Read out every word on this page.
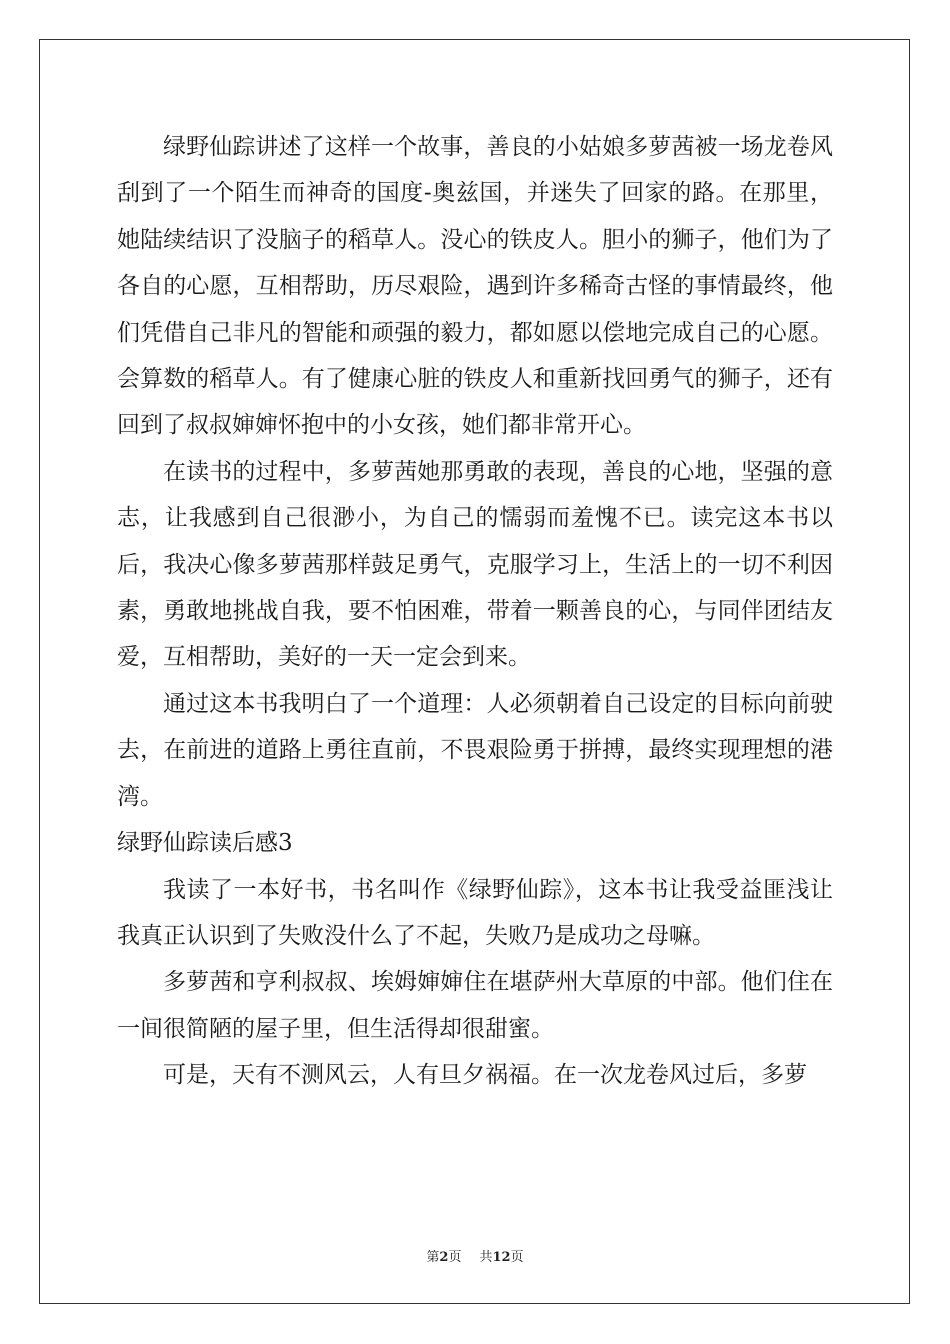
绿野仙踪讲述了这样一个故事，善良的小姑娘多萝茜被一场龙卷风刮到了一个陌生而神奇的国度-奥兹国，并迷失了回家的路。在那里，她陆续结识了没脑子的稻草人。没心的铁皮人。胆小的狮子，他们为了各自的心愿，互相帮助，历尽艰险，遇到许多稀奇古怪的事情最终，他们凭借自己非凡的智能和顽强的毅力，都如愿以偿地完成自己的心愿。会算数的稻草人。有了健康心脏的铁皮人和重新找回勇气的狮子，还有回到了叔叔婶婶怀抱中的小女孩，她们都非常开心。

在读书的过程中，多萝茜她那勇敢的表现，善良的心地，坚强的意志，让我感到自己很渺小，为自己的懦弱而羞愧不已。读完这本书以后，我决心像多萝茜那样鼓足勇气，克服学习上，生活上的一切不利因素，勇敢地挑战自我，要不怕困难，带着一颗善良的心，与同伴团结友爱，互相帮助，美好的一天一定会到来。

通过这本书我明白了一个道理：人必须朝着自己设定的目标向前驶去，在前进的道路上勇往直前，不畏艰险勇于拼搏，最终实现理想的港湾。

绿野仙踪读后感3

我读了一本好书，书名叫作《绿野仙踪》，这本书让我受益匪浅让我真正认识到了失败没什么了不起，失败乃是成功之母嘛。

多萝茜和亨利叔叔、埃姆婶婶住在堪萨州大草原的中部。他们住在一间很简陋的屋子里，但生活得却很甜蜜。

可是，天有不测风云，人有旦夕祸福。在一次龙卷风过后，多萝

第2页 共12页
